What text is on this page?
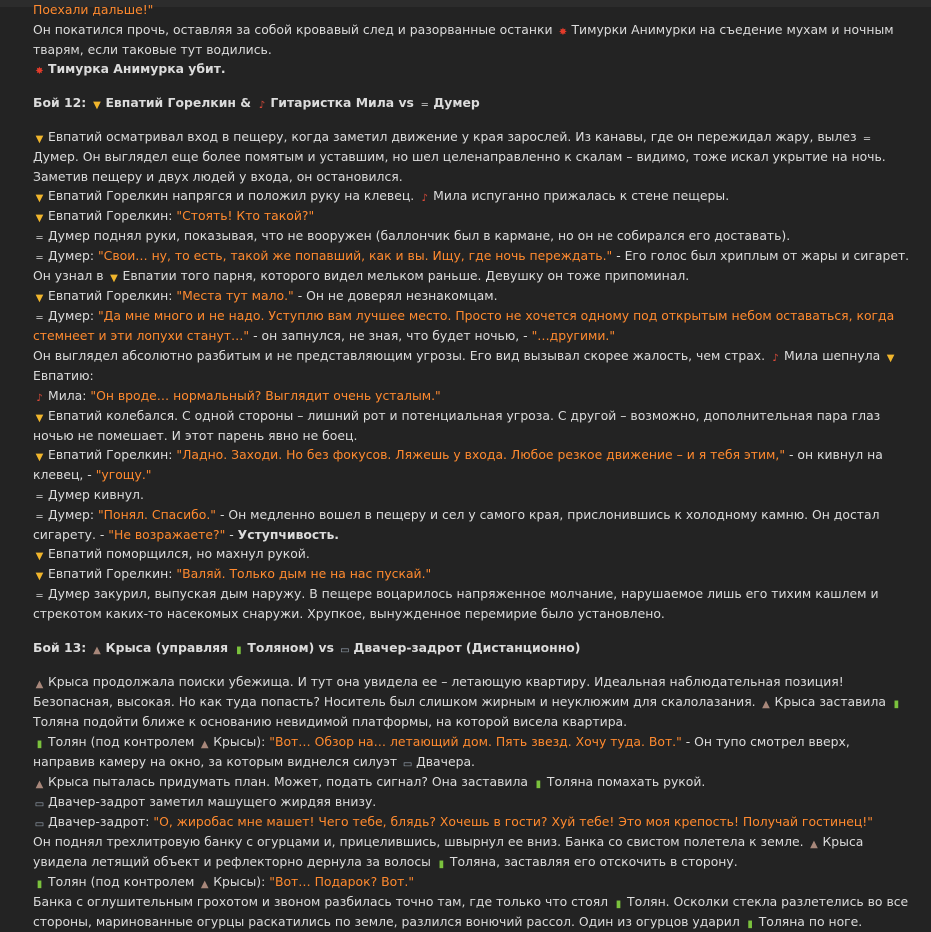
Поехали дальше!"
Он покатился прочь, оставляя за собой кровавый след и разорванные останки ✸ Тимурки Анимурки на съедение мухам и ночным тварям, если таковые тут водились.
✸ Тимурка Анимурка убит.
Бой 12: ▼ Евпатий Горелкин & ♪ Гитаристка Мила vs ═ Думер
▼ Евпатий осматривал вход в пещеру, когда заметил движение у края зарослей. Из канавы, где он пережидал жару, вылез ═Думер. Он выглядел еще более помятым и уставшим, но шел целенаправленно к скалам – видимо, тоже искал укрытие на ночь. Заметив пещеру и двух людей у входа, он остановился.
▼ Евпатий Горелкин напрягся и положил руку на клевец. ♪ Мила испуганно прижалась к стене пещеры.
▼ Евпатий Горелкин: "Стоять! Кто такой?"
═ Думер поднял руки, показывая, что не вооружен (баллончик был в кармане, но он не собирался его доставать).
═ Думер: "Свои… ну, то есть, такой же попавший, как и вы. Ищу, где ночь переждать." - Его голос был хриплым от жары и сигарет. Он узнал в ▼ Евпатии того парня, которого видел мельком раньше. Девушку он тоже припоминал.
▼ Евпатий Горелкин: "Места тут мало." - Он не доверял незнакомцам.
═ Думер: "Да мне много и не надо. Уступлю вам лучшее место. Просто не хочется одному под открытым небом оставаться, когда стемнеет и эти лопухи станут…" - он запнулся, не зная, что будет ночью, - "…другими."
Он выглядел абсолютно разбитым и не представляющим угрозы. Его вид вызывал скорее жалость, чем страх. ♪ Мила шепнула ▼Евпатию:
♪ Мила: "Он вроде… нормальный? Выглядит очень усталым."
▼ Евпатий колебался. С одной стороны – лишний рот и потенциальная угроза. С другой – возможно, дополнительная пара глаз ночью не помешает. И этот парень явно не боец.
▼ Евпатий Горелкин: "Ладно. Заходи. Но без фокусов. Ляжешь у входа. Любое резкое движение – и я тебя этим," - он кивнул на клевец, - "угощу."
═ Думер кивнул.
═ Думер: "Понял. Спасибо." - Он медленно вошел в пещеру и сел у самого края, прислонившись к холодному камню. Он достал сигарету. - "Не возражаете?" - Уступчивость.
▼ Евпатий поморщился, но махнул рукой.
▼ Евпатий Горелкин: "Валяй. Только дым не на нас пускай."
═ Думер закурил, выпуская дым наружу. В пещере воцарилось напряженное молчание, нарушаемое лишь его тихим кашлем и стрекотом каких-то насекомых снаружи. Хрупкое, вынужденное перемирие было установлено.
Бой 13: ▲ Крыса (управляя ▮ Толяном) vs ▭ Двачер-задрот (Дистанционно)
▲ Крыса продолжала поиски убежища. И тут она увидела ее – летающую квартиру. Идеальная наблюдательная позиция! Безопасная, высокая. Но как туда попасть? Носитель был слишком жирным и неуклюжим для скалолазания. ▲ Крыса заставила ▮Толяна подойти ближе к основанию невидимой платформы, на которой висела квартира.
▮ Толян (под контролем ▲ Крысы): "Вот… Обзор на… летающий дом. Пять звезд. Хочу туда. Вот." - Он тупо смотрел вверх, направив камеру на окно, за которым виднелся силуэт ▭ Двачера.
▲ Крыса пыталась придумать план. Может, подать сигнал? Она заставила ▮ Толяна помахать рукой.
▭ Двачер-задрот заметил машущего жирдяя внизу.
▭ Двачер-задрот: "О, жиробас мне машет! Чего тебе, блядь? Хочешь в гости? Хуй тебе! Это моя крепость! Получай гостинец!"
Он поднял трехлитровую банку с огурцами и, прицелившись, швырнул ее вниз. Банка со свистом полетела к земле. ▲ Крыса увидела летящий объект и рефлекторно дернула за волосы ▮ Толяна, заставляя его отскочить в сторону.
▮ Толян (под контролем ▲ Крысы): "Вот… Подарок? Вот."
Банка с оглушительным грохотом и звоном разбилась точно там, где только что стоял ▮ Толян. Осколки стекла разлетелись во все стороны, маринованные огурцы раскатились по земле, разлился вонючий рассол. Один из огурцов ударил ▮ Толяна по ноге.
